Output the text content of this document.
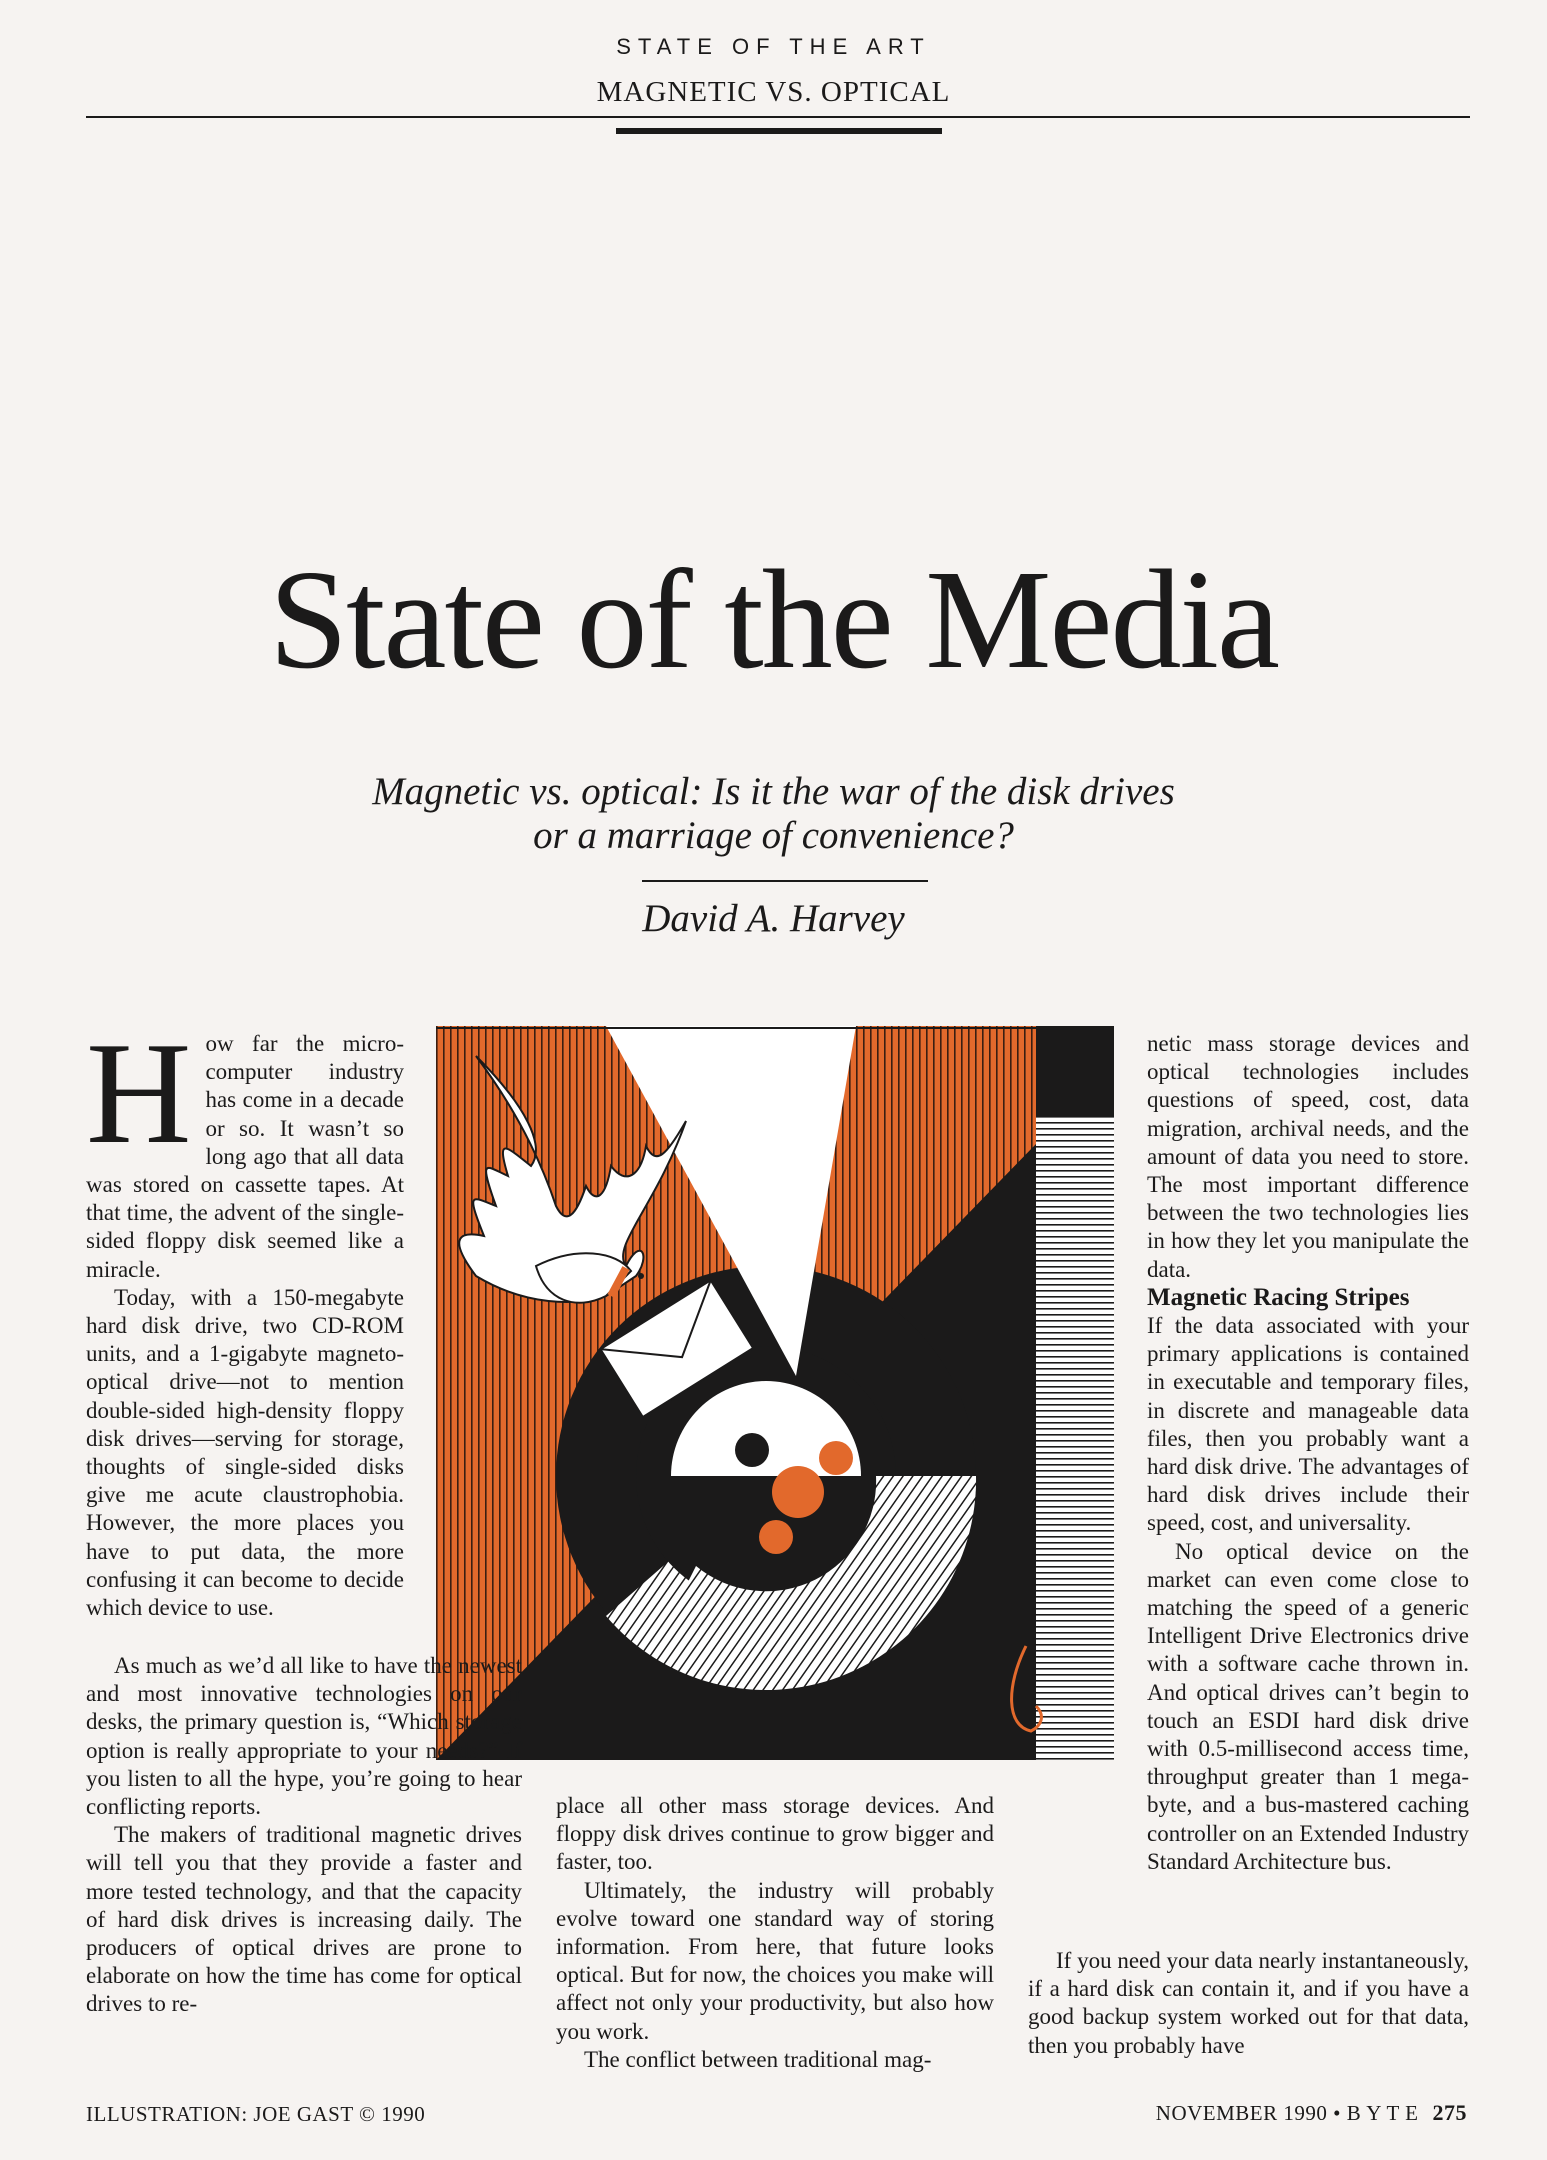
STATE OF THE ART
MAGNETIC VS. OPTICAL
State of the Media
Magnetic vs. optical: Is it the war of the disk drives
or a marriage of convenience?
David A. Harvey

How far the microcomputer industry has come in a decade or so. It wasn’t so long ago that all data was stored on cassette tapes. At that time, the advent of the single-sided floppy disk seemed like a miracle.

Today, with a 150-megabyte hard disk drive, two CD-ROM units, and a 1-gigabyte magneto-optical drive—not to mention double-sided high-density floppy disk drives—serving for storage, thoughts of single-sided disks give me acute claustrophobia. However, the more places you have to put data, the more confusing it can become to decide which device to use.

As much as we’d all like to have the newest and most innovative technologies on our desks, the primary question is, “Which storage option is really appropriate to your needs?” If you listen to all the hype, you’re going to hear conflicting reports.

The makers of traditional magnetic drives will tell you that they provide a faster and more tested technology, and that the capacity of hard disk drives is increasing daily. The producers of optical drives are prone to elaborate on how the time has come for optical drives to re-

place all other mass storage devices. And floppy disk drives continue to grow bigger and faster, too.

Ultimately, the industry will probably evolve toward one standard way of storing information. From here, that future looks optical. But for now, the choices you make will affect not only your productivity, but also how you work.

The conflict between traditional mag-

netic mass storage devices and optical technologies includes questions of speed, cost, data migration, archival needs, and the amount of data you need to store. The most important difference between the two technologies lies in how they let you manipulate the data.

Magnetic Racing Stripes

If the data associated with your primary applications is contained in executable and temporary files, in discrete and manageable data files, then you probably want a hard disk drive. The advantages of hard disk drives include their speed, cost, and universality.

No optical device on the market can even come close to matching the speed of a generic Intelligent Drive Electronics drive with a software cache thrown in. And optical drives can’t begin to touch an ESDI hard disk drive with 0.5-millisecond access time, throughput greater than 1 megabyte, and a bus-mastered caching controller on an Extended Industry Standard Architecture bus.

If you need your data nearly instantaneously, if a hard disk can contain it, and if you have a good backup system worked out for that data, then you probably have

ILLUSTRATION: JOE GAST © 1990	NOVEMBER 1990 • B Y T E 275
